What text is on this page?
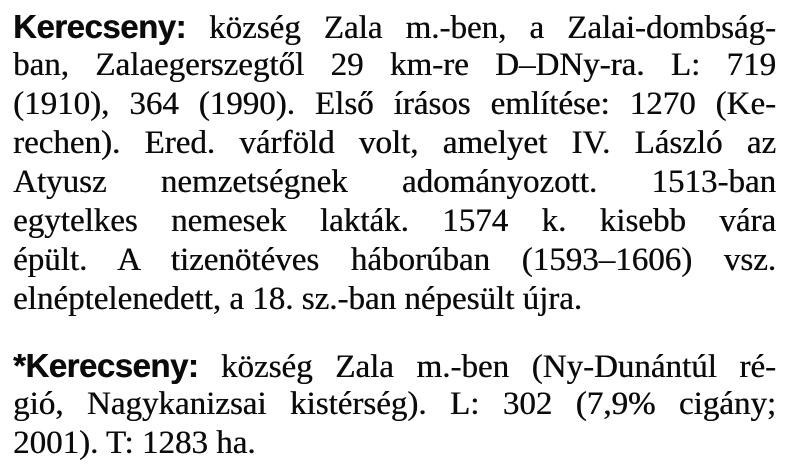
Kerecseny: község Zala m.-ben, a Zalai-dombság-
ban, Zalaegerszegtől 29 km-re D–DNy-ra. L: 719
(1910), 364 (1990). Első írásos említése: 1270 (Ke-
rechen). Ered. várföld volt, amelyet IV. László az
Atyusz nemzetségnek adományozott. 1513-ban
egytelkes nemesek lakták. 1574 k. kisebb vára
épült. A tizenötéves háborúban (1593–1606) vsz.
elnéptelenedett, a 18. sz.-ban népesült újra.
*Kerecseny: község Zala m.-ben (Ny-Dunántúl ré-
gió, Nagykanizsai kistérség). L: 302 (7,9% cigány;
2001). T: 1283 ha.
